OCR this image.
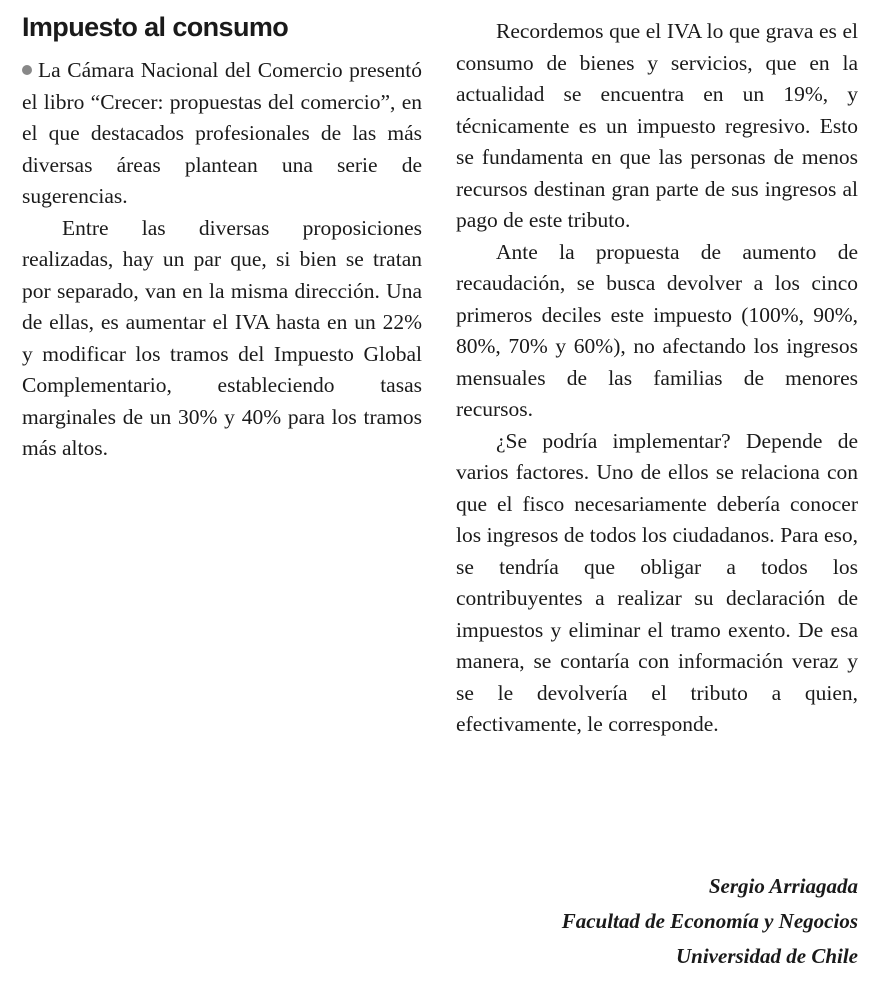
Impuesto al consumo

La Cámara Nacional del Comercio presentó el libro “Crecer: propuestas del comercio”, en el que destacados profesionales de las más diversas áreas plantean una serie de sugerencias.

Entre las diversas proposiciones realizadas, hay un par que, si bien se tratan por separado, van en la misma dirección. Una de ellas, es aumentar el IVA hasta en un 22% y modificar los tramos del Impuesto Global Complementario, estableciendo tasas marginales de un 30% y 40% para los tramos más altos.

Recordemos que el IVA lo que grava es el consumo de bienes y servicios, que en la actualidad se encuentra en un 19%, y técnicamente es un impuesto regresivo. Esto se fundamenta en que las personas de menos recursos destinan gran parte de sus ingresos al pago de este tributo.

Ante la propuesta de aumento de recaudación, se busca devolver a los cinco primeros deciles este impuesto (100%, 90%, 80%, 70% y 60%), no afectando los ingresos mensuales de las familias de menores recursos.

¿Se podría implementar? Depende de varios factores. Uno de ellos se relaciona con que el fisco necesariamente debería conocer los ingresos de todos los ciudadanos. Para eso, se tendría que obligar a todos los contribuyentes a realizar su declaración de impuestos y eliminar el tramo exento. De esa manera, se contaría con información veraz y se le devolvería el tributo a quien, efectivamente, le corresponde.

Sergio Arriagada
Facultad de Economía y Negocios
Universidad de Chile
